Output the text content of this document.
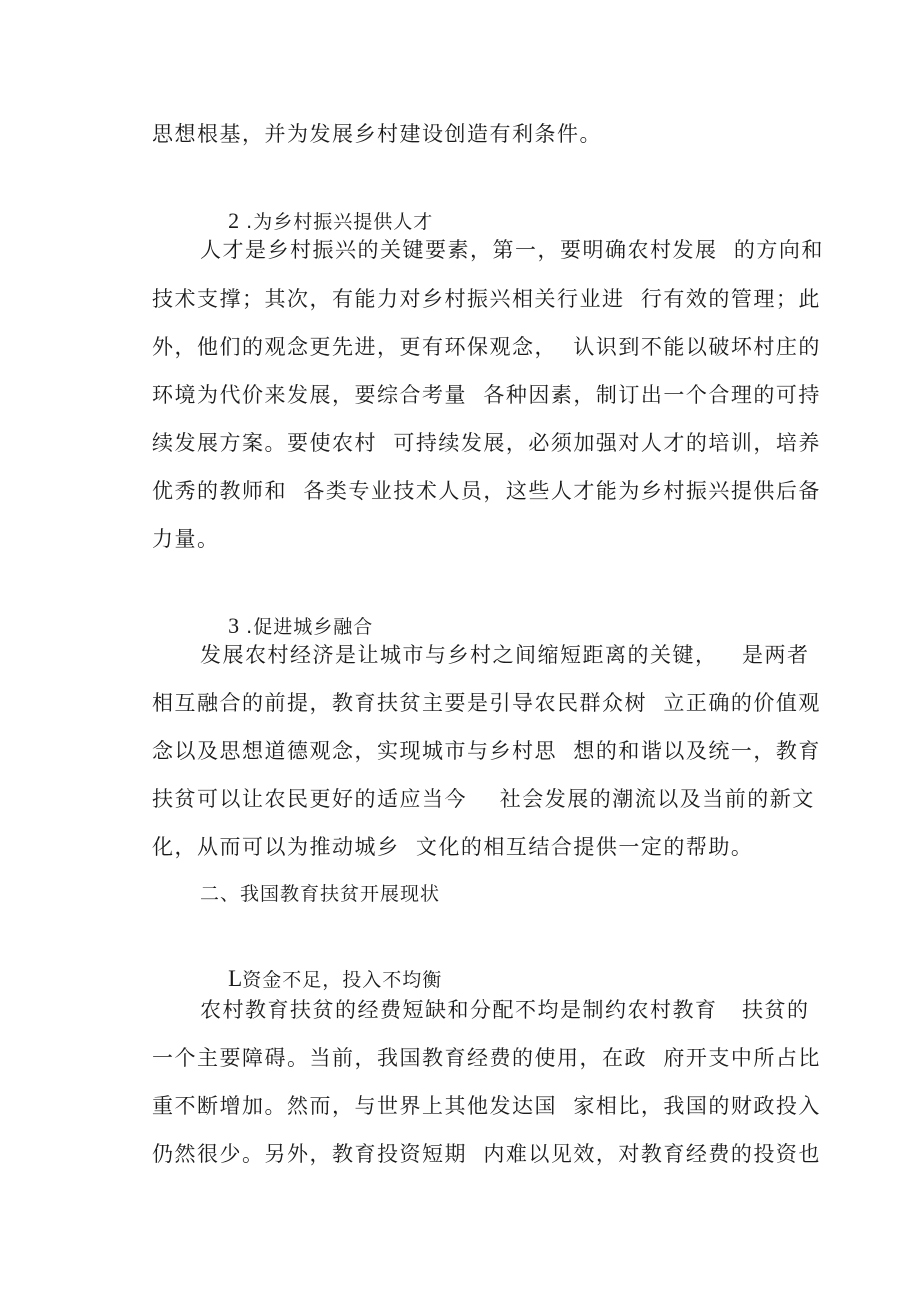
思想根基，并为发展乡村建设创造有利条件。

2 .为乡村振兴提供人才

人才是乡村振兴的关键要素，第一，要明确农村发展  的方向和
技术支撑；其次，有能力对乡村振兴相关行业进  行有效的管理；此
外，他们的观念更先进，更有环保观念，  认识到不能以破坏村庄的
环境为代价来发展，要综合考量  各种因素，制订出一个合理的可持
续发展方案。要使农村  可持续发展，必须加强对人才的培训，培养
优秀的教师和  各类专业技术人员，这些人才能为乡村振兴提供后备
力量。

3 .促进城乡融合

发展农村经济是让城市与乡村之间缩短距离的关键，   是两者
相互融合的前提，教育扶贫主要是引导农民群众树  立正确的价值观
念以及思想道德观念，实现城市与乡村思  想的和谐以及统一，教育
扶贫可以让农民更好的适应当今    社会发展的潮流以及当前的新文
化，从而可以为推动城乡  文化的相互结合提供一定的帮助。
二、我国教育扶贫开展现状

L资金不足，投入不均衡

农村教育扶贫的经费短缺和分配不均是制约农村教育   扶贫的
一个主要障碍。当前，我国教育经费的使用，在政  府开支中所占比
重不断增加。然而，与世界上其他发达国  家相比，我国的财政投入
仍然很少。另外，教育投资短期  内难以见效，对教育经费的投资也
